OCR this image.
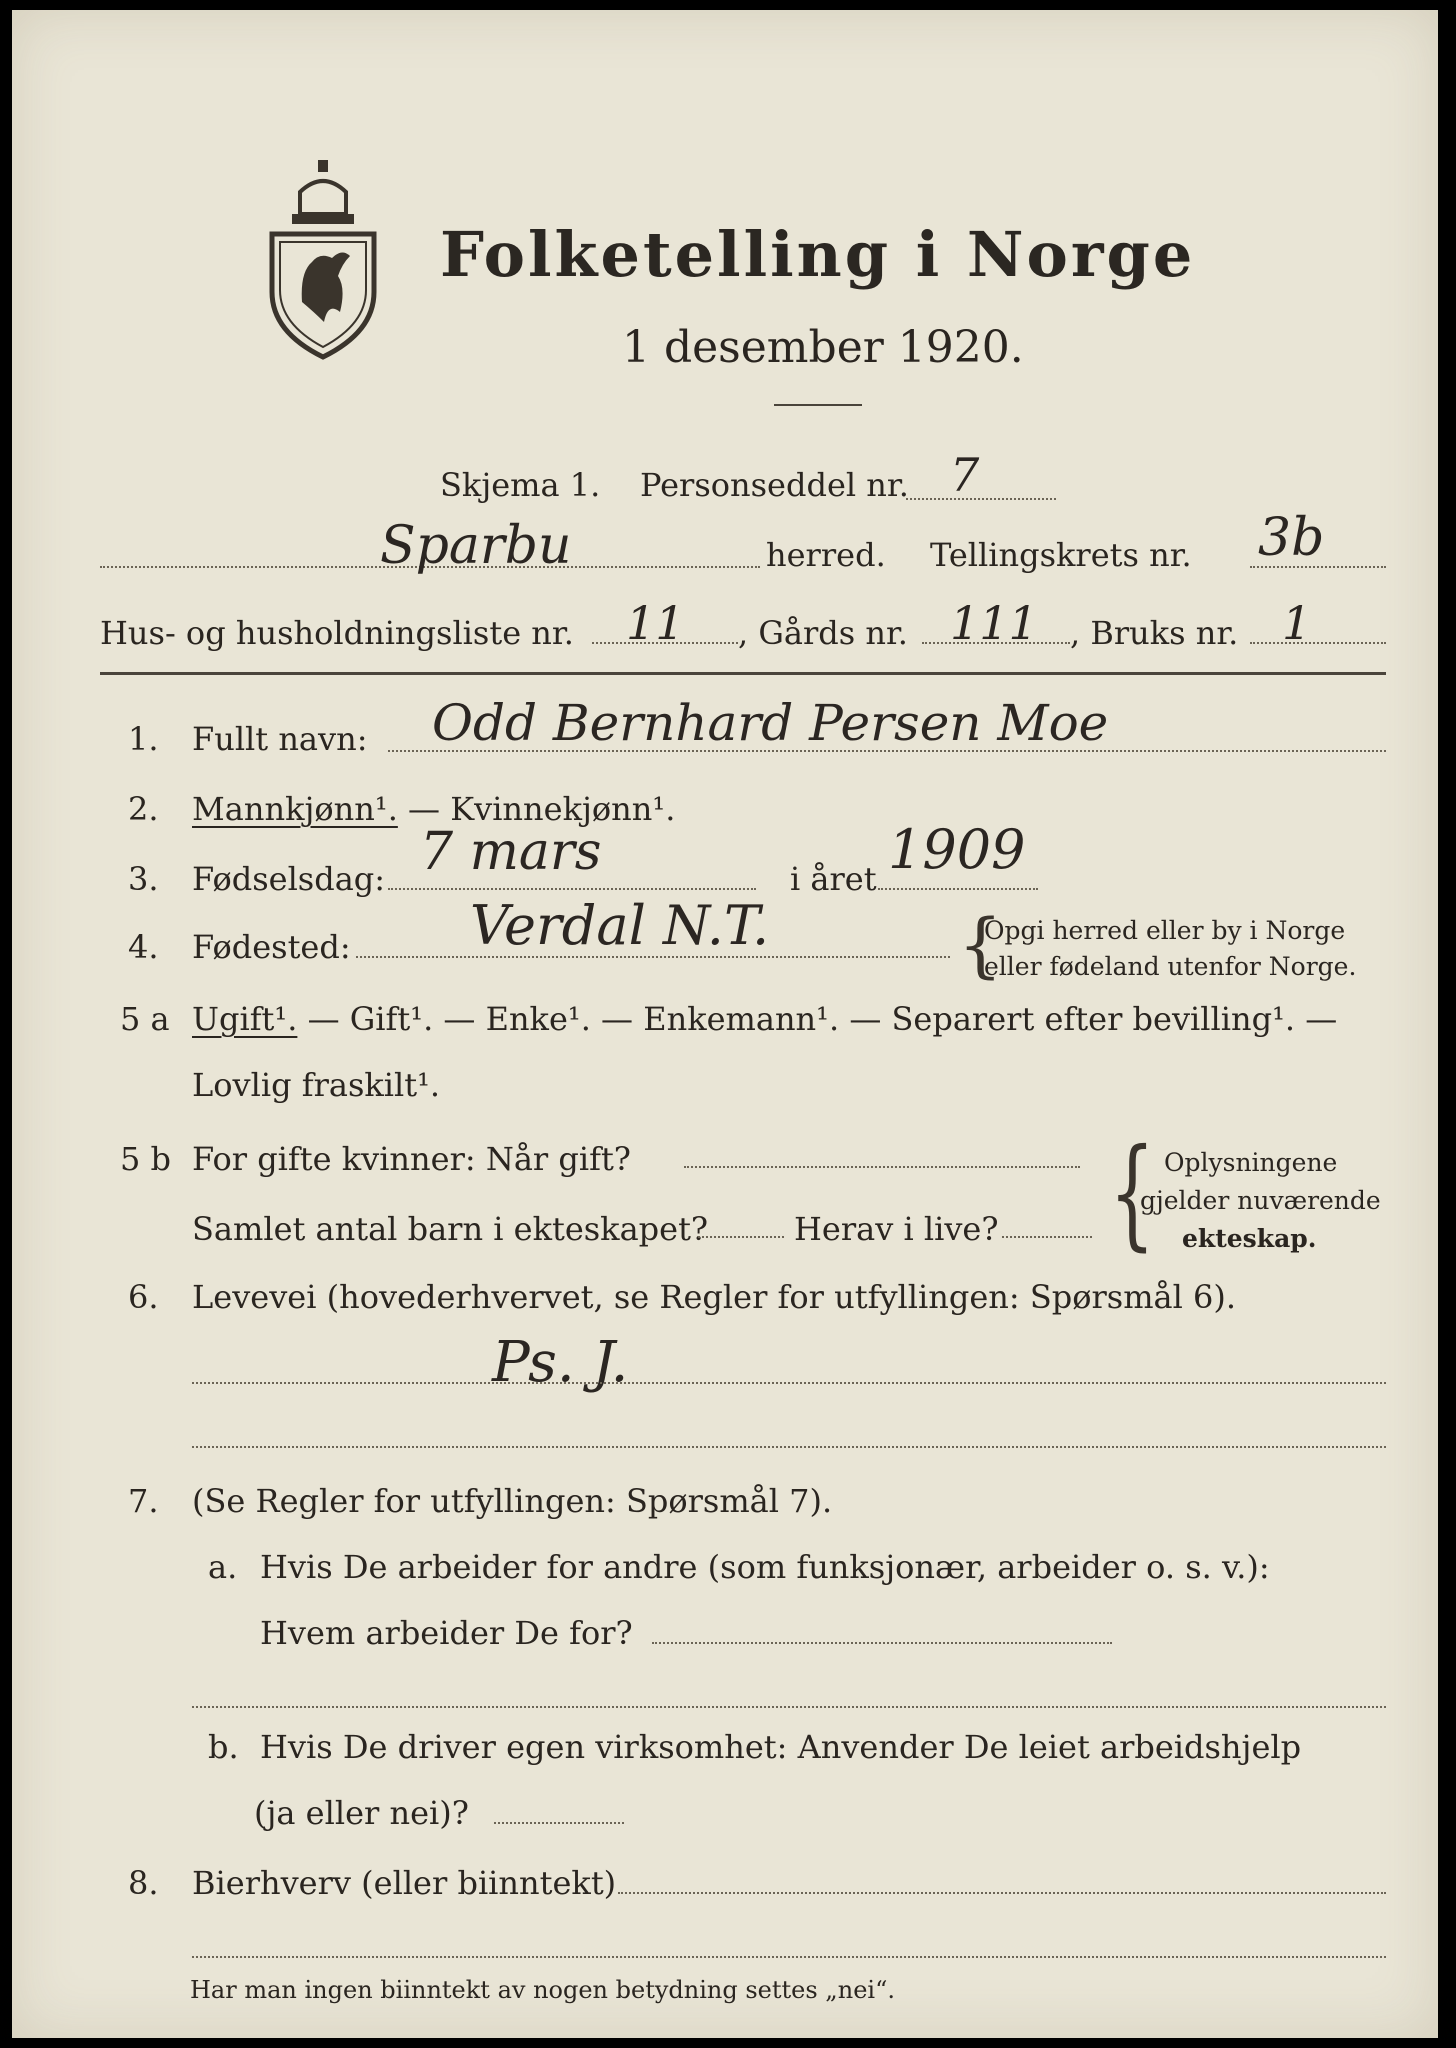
Folketelling i Norge
1 desember 1920.
Skjema 1. Personseddel nr. 7
Sparbu	herred. Tellingskrets nr. 3b
Hus- og husholdningsliste nr. 11 , Gårds nr. 111 , Bruks nr. 1
1. Fullt navn: Odd Bernhard Persen Moe
2. Mannkjønn¹. — Kvinnekjønn¹.
3. Fødselsdag: 7 mars	i året 1909
4. Fødested: Verdal N.T.	{
Opgi herred eller by i Norge
eller fødeland utenfor Norge.
5 a Ugift¹. — Gift¹. — Enke¹. — Enkemann¹. — Separert efter bevilling¹. —
Lovlig fraskilt¹.
5 b For gifte kvinner: Når gift?
Samlet antal barn i ekteskapet?	Herav i live? { Oplysningene
gjelder nuværende
ekteskap.
6. Levevei (hovederhvervet, se Regler for utfyllingen: Spørsmål 6).
Ps. J.
7. (Se Regler for utfyllingen: Spørsmål 7).
a. Hvis De arbeider for andre (som funksjonær, arbeider o. s. v.):
Hvem arbeider De for?
b. Hvis De driver egen virksomhet: Anvender De leiet arbeidshjelp
(ja eller nei)?
8. Bierhverv (eller biinntekt)
Har man ingen biinntekt av nogen betydning settes „nei“.
